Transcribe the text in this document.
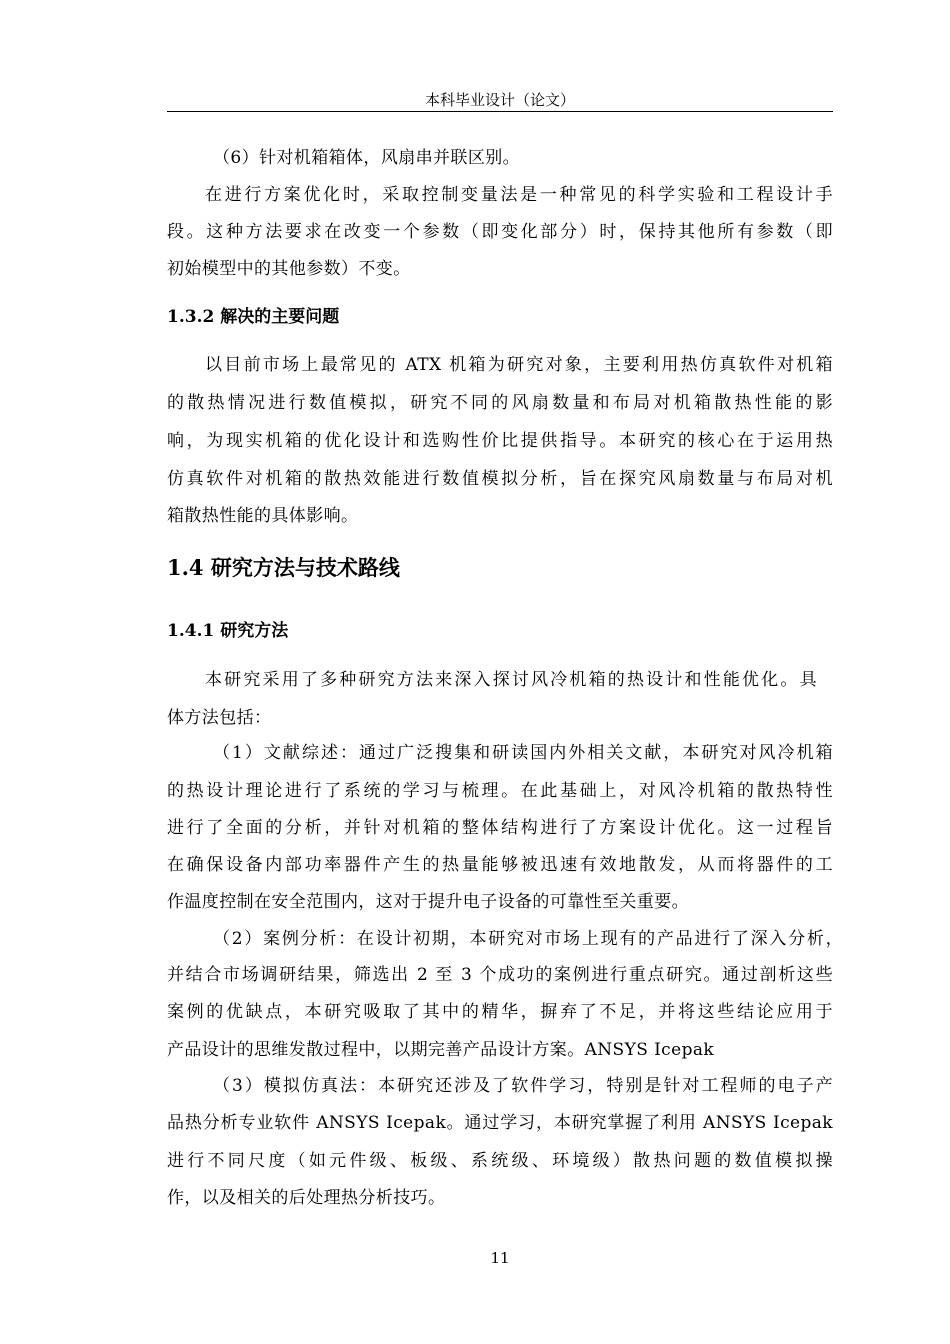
本科毕业设计（论文）
（6）针对机箱箱体，风扇串并联区别。
在进行方案优化时，采取控制变量法是一种常见的科学实验和工程设计手
段。这种方法要求在改变一个参数（即变化部分）时，保持其他所有参数（即
初始模型中的其他参数）不变。
1.3.2 解决的主要问题
以目前市场上最常见的 ATX 机箱为研究对象，主要利用热仿真软件对机箱
的散热情况进行数值模拟，研究不同的风扇数量和布局对机箱散热性能的影
响，为现实机箱的优化设计和选购性价比提供指导。本研究的核心在于运用热
仿真软件对机箱的散热效能进行数值模拟分析，旨在探究风扇数量与布局对机
箱散热性能的具体影响。
1.4 研究方法与技术路线
1.4.1 研究方法
本研究采用了多种研究方法来深入探讨风冷机箱的热设计和性能优化。具
体方法包括：
（1）文献综述：通过广泛搜集和研读国内外相关文献，本研究对风冷机箱
的热设计理论进行了系统的学习与梳理。在此基础上，对风冷机箱的散热特性
进行了全面的分析，并针对机箱的整体结构进行了方案设计优化。这一过程旨
在确保设备内部功率器件产生的热量能够被迅速有效地散发，从而将器件的工
作温度控制在安全范围内，这对于提升电子设备的可靠性至关重要。
（2）案例分析：在设计初期，本研究对市场上现有的产品进行了深入分析，
并结合市场调研结果，筛选出 2 至 3 个成功的案例进行重点研究。通过剖析这些
案例的优缺点，本研究吸取了其中的精华，摒弃了不足，并将这些结论应用于
产品设计的思维发散过程中，以期完善产品设计方案。ANSYS Icepak
（3）模拟仿真法：本研究还涉及了软件学习，特别是针对工程师的电子产
品热分析专业软件 ANSYS Icepak。通过学习，本研究掌握了利用 ANSYS Icepak
进行不同尺度（如元件级、板级、系统级、环境级）散热问题的数值模拟操
作，以及相关的后处理热分析技巧。
11
